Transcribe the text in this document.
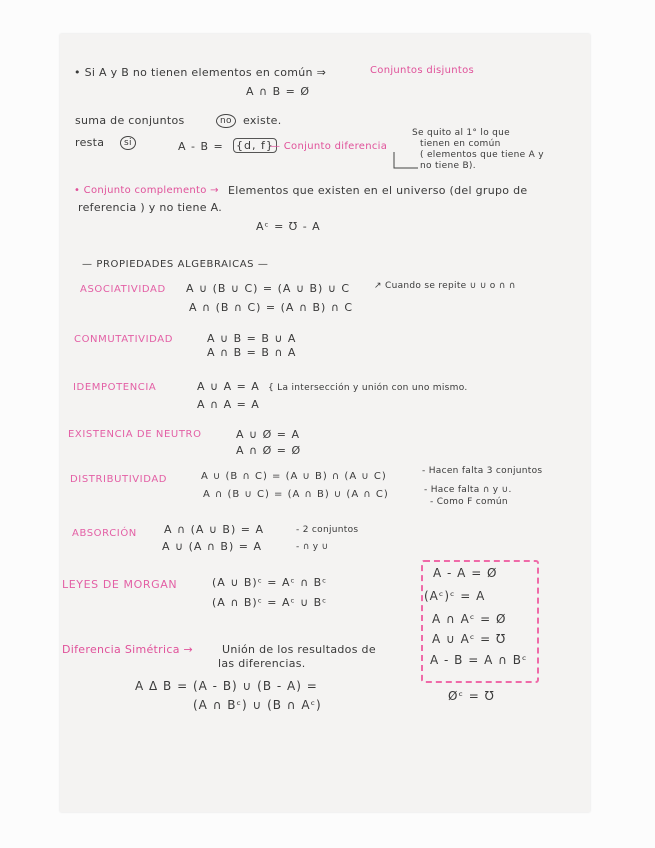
• Si A y B no tienen elementos en común ⇒	Conjuntos disjuntos
A ∩ B = Ø
suma de conjuntos	no	existe.
resta	si	A - B = {d, f}
— Conjunto diferencia
Se quito al 1° lo que
tienen en común
( elementos que tiene A y
no tiene B).
• Conjunto complemento → Elementos que existen en el universo (del grupo de
referencia ) y no tiene A.
Aᶜ = Ʊ - A
— PROPIEDADES ALGEBRAICAS —
ASOCIATIVIDAD A ∪ (B ∪ C) = (A ∪ B) ∪ C
A ∩ (B ∩ C) = (A ∩ B) ∩ C
↗ Cuando se repite ∪ ∪ o ∩ ∩
CONMUTATIVIDAD	A ∪ B = B ∪ A
A ∩ B = B ∩ A
IDEMPOTENCIA	A ∪ A = A
A ∩ A = A
{ La intersección y unión con uno mismo.
EXISTENCIA DE NEUTRO	A ∪ Ø = A
A ∩ Ø = Ø
DISTRIBUTIVIDAD	A ∪ (B ∩ C) = (A ∪ B) ∩ (A ∪ C)
A ∩ (B ∪ C) = (A ∩ B) ∪ (A ∩ C)
- Hacen falta 3 conjuntos
- Hace falta ∩ y ∪.
- Como F común
ABSORCIÓN A ∩ (A ∪ B) = A
A ∪ (A ∩ B) = A
- 2 conjuntos
- ∩ y ∪
LEYES DE MORGAN	(A ∪ B)ᶜ = Aᶜ ∩ Bᶜ
(A ∩ B)ᶜ = Aᶜ ∪ Bᶜ
A - A = Ø
(Aᶜ)ᶜ = A
A ∩ Aᶜ = Ø
A ∪ Aᶜ = Ʊ
A - B = A ∩ Bᶜ
Øᶜ = Ʊ
Diferencia Simétrica →	Unión de los resultados de
las diferencias.
A Δ B = (A - B) ∪ (B - A) =
(A ∩ Bᶜ) ∪ (B ∩ Aᶜ)
